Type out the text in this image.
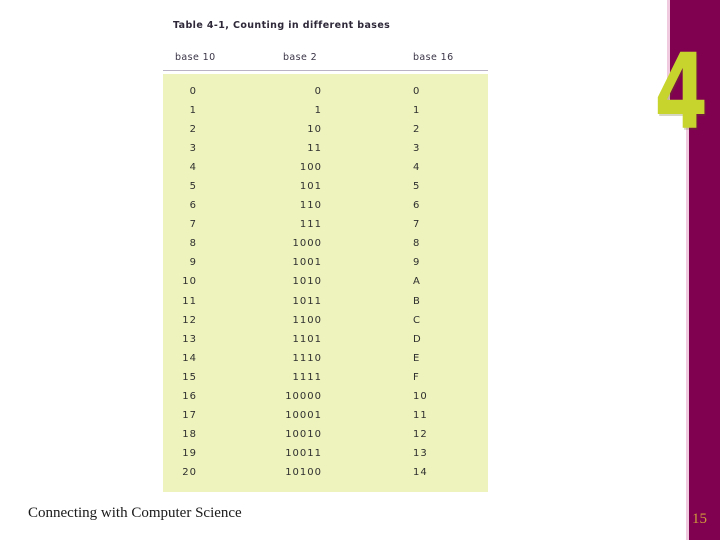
Table 4-1, Counting in different bases
base 10	base 2	base 16
0	0	0
1	1	1
2	10	2
3	11	3
4	100	4
5	101	5
6	110	6
7	111	7
8	1000	8
9	1001	9
10	1010	A
11	1011	B
12	1100	C
13	1101	D
14	1110	E
15	1111	F
16	10000	10
17	10001	11
18	10010	12
19	10011	13
20	10100	14
4
15
Connecting with Computer Science
